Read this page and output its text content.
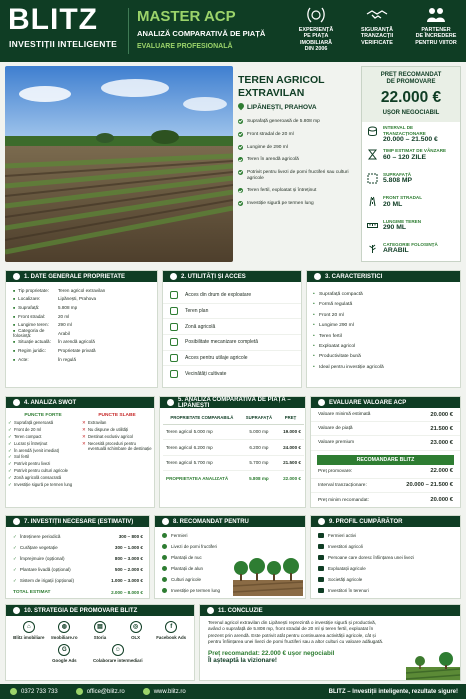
BLITZ
INVESTIȚII INTELIGENTE
MASTER ACP
ANALIZĂ COMPARATIVĂ DE PIAȚĂ
EVALUARE PROFESIONALĂ
EXPERIENȚĂ
PE PIAȚA IMOBILIARĂ
DIN 2006
SIGURANȚĂ
TRANZACȚII
VERIFICATE
PARTENER
DE ÎNCREDERE
PENTRU VIITOR
TEREN AGRICOL
EXTRAVILAN
LIPĂNEȘTI, PRAHOVA
Suprafață generoasă de 5.808 mp
Front stradal de 20 ml
Lungime de 290 ml
Teren în arendă agricolă
Potrivit pentru livezi de pomi fructiferi sau culturi agricole
Teren fertil, exploatat și întreținut
Investiție sigură pe termen lung
PREȚ RECOMANDAT
DE PROMOVARE
22.000 €
UȘOR NEGOCIABIL
INTERVAL DE TRANZACȚIONARE
20.000 – 21.500 €
TIMP ESTIMAT DE VÂNZARE
60 – 120 ZILE
SUPRAFAȚĂ
5.808 MP
FRONT STRADAL
20 ML
LUNGIME TEREN
290 ML
CATEGORIE FOLOSINȚĂ
ARABIL
1. DATE GENERALE PROPRIETATE
■ Tip proprietate:	Teren agricol extravilan
■ Localizare:	Lipănești, Prahova
■ Suprafață:	5.808 mp
■ Front stradal:	20 ml
■ Lungime teren:	290 ml
■ Categoria de folosință:	Arabil
■ Situație actuală:	În arendă agricolă
■ Regim juridic:	Proprietate privată
■ Acte:	În regulă
2. UTILITĂȚI ȘI ACCES
Acces din drum de exploatare
Teren plan
Zonă agricolă
Posibilitate mecanizare completă
Acces pentru utilaje agricole
Vecinătăți cultivate
3. CARACTERISTICI
• Suprafață compactă
• Formă regulată
• Front 20 ml
• Lungime 290 ml
• Teren fertil
• Exploatat agricol
• Productivitate bună
• Ideal pentru investiție agricolă
4. ANALIZA SWOT
PUNCTE FORTE
✓ Suprafață generoasă
✓ Front de 20 ml
✓ Teren compact
✓ Lucrat și întreținut
✓ În arendă (venit imediat)
✓ Sol fertil
✓ Potrivit pentru livezi
PUNCTE SLABE
✕ Extravilan
✕ Nu dispune de utilități
✕ Destinat exclusiv agricol
✕ Necesită proceduri pentru eventuală schimbare de destinație
✓ Potrivit pentru culturi agricole
✓ Zonă agricolă consacrată
✓ Investiție sigură pe termen lung
5. ANALIZA COMPARATIVĂ DE PIAȚĂ – LIPĂNEȘTI
PROPRIETATE COMPARABILĂ	SUPRAFAȚĂ	PREȚ
Teren agricol 5.000 mp	5.000 mp	19.000 €
Teren agricol 6.200 mp	6.200 mp	24.000 €
Teren agricol 5.700 mp	5.700 mp	21.500 €
PROPRIETATEA ANALIZATĂ	5.808 mp	22.000 €
EVALUARE VALOARE ACP
Valoare minimă estimată	20.000 €
Valoare de piață	21.500 €
Valoare premium	23.000 €
RECOMANDARE BLITZ
Preț promovare:	22.000 €
Interval tranzacționare:	20.000 – 21.500 €
Preț minim recomandat:	20.000 €
7. INVESTIȚII NECESARE (ESTIMATIV)
✓ Întreținere periodică	300 – 800 €
✓ Curățare vegetație	300 – 1.000 €
✓ Împrejmuire (opțional)	800 – 3.000 €
✓ Plantare livadă (opțional)	500 – 2.000 €
✓ Sistem de irigații (opțional)	1.000 – 3.000 €
TOTAL ESTIMAT	2.000 – 8.000 €
8. RECOMANDAT PENTRU
Fermieri
Livezi de pomi fructiferi
Plantații de nuc
Plantații de alun
Culturi agricole
Investiție pe termen lung
9. PROFIL CUMPĂRĂTOR
Fermieri activi
Investitori agricoli
Persoane care doresc înființarea unei livezi
Exploatații agricole
Societăți agricole
Investitori în terenuri
10. STRATEGIA DE PROMOVARE BLITZ
⌂
Blitz imobiliare
◍
Imobiliare.ro
▤
Storia
◎
OLX
f
Facebook Ads
G
Google Ads
☺
Colaborare intermediari
11. CONCLUZIE
Terenul agricol extravilan din Lipănești reprezintă o investiție sigură și productivă, având o suprafață de 5.808 mp, front stradal de 20 ml și teren fertil, exploatat în prezent prin arendă. Este potrivit atât pentru continuarea activității agricole, cât și pentru înființarea unei livezi de pomi fructiferi sau a altor culturi cu valoare adăugată.
Preț recomandat: 22.000 € ușor negociabil
Îl așteaptă la vizionare!
0372 733 733	office@blitz.ro	www.blitz.ro	BLITZ – Investiții inteligente, rezultate sigure!
